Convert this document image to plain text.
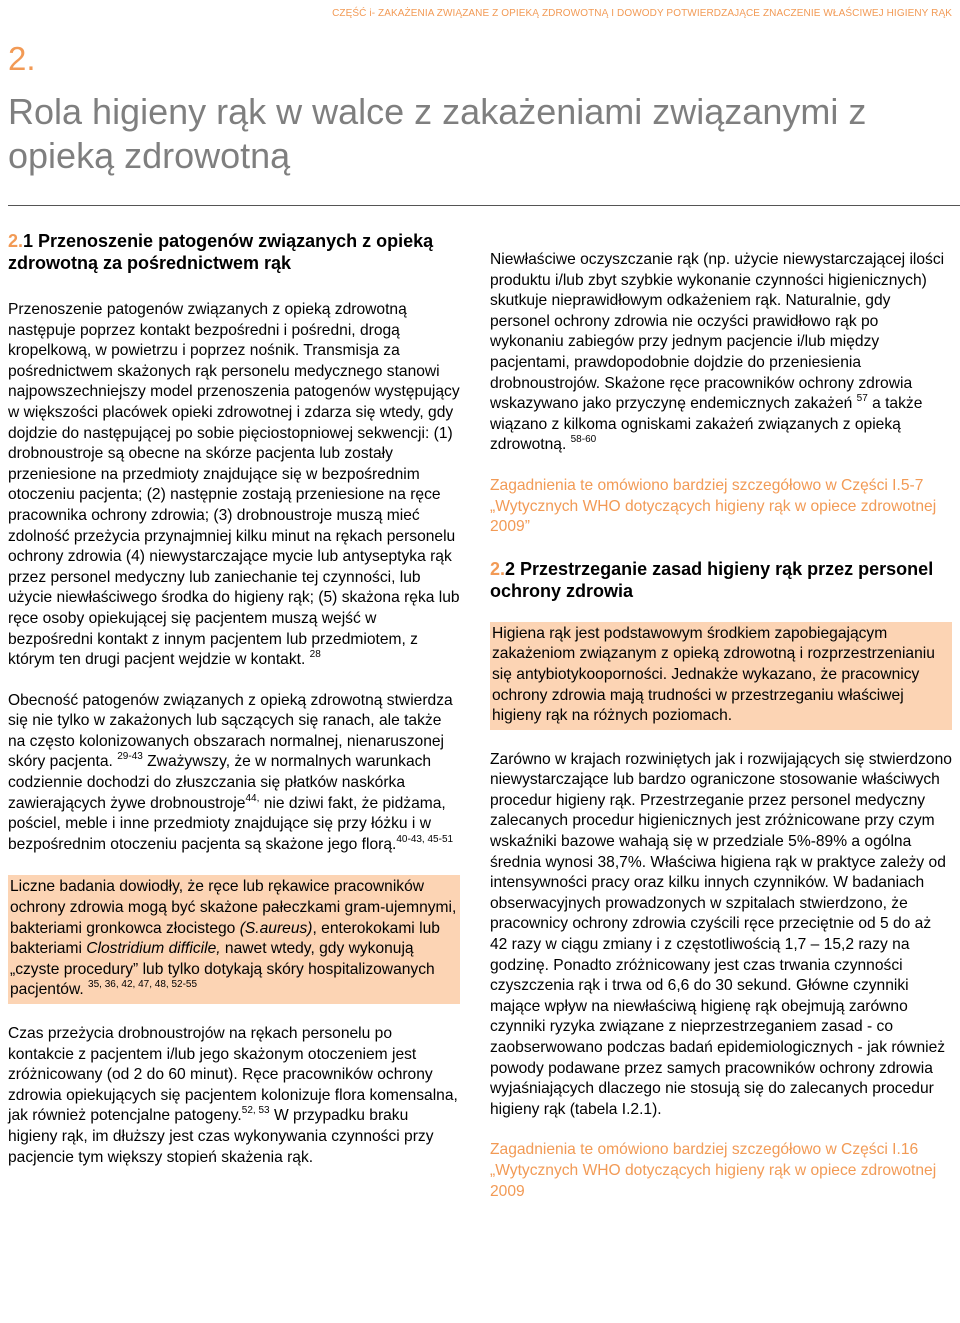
CZĘŚĆ i- ZAKAŻENIA ZWIĄZANE Z OPIEKĄ ZDROWOTNĄ I DOWODY POTWIERDZAJĄCE ZNACZENIE WŁAŚCIWEJ HIGIENY RĄK
2.
Rola higieny rąk w walce z zakażeniami związanymi z opieką zdrowotną
2.1 Przenoszenie patogenów związanych z opieką zdrowotną za pośrednictwem rąk

Przenoszenie patogenów związanych z opieką zdrowotną następuje poprzez kontakt bezpośredni i pośredni, drogą kropelkową, w powietrzu i poprzez nośnik. Transmisja za pośrednictwem skażonych rąk personelu medycznego stanowi najpowszechniejszy model przenoszenia patogenów występujący w większości placówek opieki zdrowotnej i zdarza się wtedy, gdy dojdzie do następującej po sobie pięciostopniowej sekwencji: (1) drobnoustroje są obecne na skórze pacjenta lub zostały przeniesione na przedmioty znajdujące się w bezpośrednim otoczeniu pacjenta; (2) następnie zostają przeniesione na ręce pracownika ochrony zdrowia; (3) drobnoustroje muszą mieć zdolność przeżycia przynajmniej kilku minut na rękach personelu ochrony zdrowia (4) niewystarczające mycie lub antyseptyka rąk przez personel medyczny lub zaniechanie tej czynności, lub użycie niewłaściwego środka do higieny rąk; (5) skażona ręka lub ręce osoby opiekującej się pacjentem muszą wejść w bezpośredni kontakt z innym pacjentem lub przedmiotem, z którym ten drugi pacjent wejdzie w kontakt. $^{28}$

Obecność patogenów związanych z opieką zdrowotną stwierdza się nie tylko w zakażonych lub sączących się ranach, ale także na często kolonizowanych obszarach normalnej, nienaruszonej skóry pacjenta. $^{29-43}$ Zważywszy, że w normalnych warunkach codziennie dochodzi do złuszczania się płatków naskórka zawierających żywe drobnoustroje$^{44,}$ nie dziwi fakt, że pidżama, pościel, meble i inne przedmioty znajdujące się przy łóżku i w bezpośrednim otoczeniu pacjenta są skażone jego florą.$^{40-43, 45-51}$

Liczne badania dowiodły, że ręce lub rękawice pracowników ochrony zdrowia mogą być skażone pałeczkami gram-ujemnymi, bakteriami gronkowca złocistego (S.aureus), enterokokami lub bakteriami Clostridium difficile, nawet wtedy, gdy wykonują „czyste procedury” lub tylko dotykają skóry hospitalizowanych pacjentów. $^{35, 36, 42, 47, 48, 52-55}$

Czas przeżycia drobnoustrojów na rękach personelu po kontakcie z pacjentem i/lub jego skażonym otoczeniem jest zróżnicowany (od 2 do 60 minut). Ręce pracowników ochrony zdrowia opiekujących się pacjentem kolonizuje flora komensalna, jak również potencjalne patogeny.$^{52, 53}$ W przypadku braku higieny rąk, im dłuższy jest czas wykonywania czynności przy pacjencie tym większy stopień skażenia rąk.

Niewłaściwe oczyszczanie rąk (np. użycie niewystarczającej ilości produktu i/lub zbyt szybkie wykonanie czynności higienicznych) skutkuje nieprawidłowym odkażeniem rąk. Naturalnie, gdy personel ochrony zdrowia nie oczyści prawidłowo rąk po wykonaniu zabiegów przy jednym pacjencie i/lub między pacjentami, prawdopodobnie dojdzie do przeniesienia drobnoustrojów. Skażone ręce pracowników ochrony zdrowia wskazywano jako przyczynę endemicznych zakażeń $^{57}$ a także wiązano z kilkoma ogniskami zakażeń związanych z opieką zdrowotną. $^{58-60}$

Zagadnienia te omówiono bardziej szczegółowo w Części I.5-7 „Wytycznych WHO dotyczących higieny rąk w opiece zdrowotnej 2009”

2.2 Przestrzeganie zasad higieny rąk przez personel ochrony zdrowia

Higiena rąk jest podstawowym środkiem zapobiegającym zakażeniom związanym z opieką zdrowotną i rozprzestrzenianiu się antybiotykooporności. Jednakże wykazano, że pracownicy ochrony zdrowia mają trudności w przestrzeganiu właściwej higieny rąk na różnych poziomach.

Zarówno w krajach rozwiniętych jak i rozwijających się stwierdzono niewystarczające lub bardzo ograniczone stosowanie właściwych procedur higieny rąk. Przestrzeganie przez personel medyczny zalecanych procedur higienicznych jest zróżnicowane przy czym wskaźniki bazowe wahają się w przedziale 5%-89% a ogólna średnia wynosi 38,7%. Właściwa higiena rąk w praktyce zależy od intensywności pracy oraz kilku innych czynników. W badaniach obserwacyjnych prowadzonych w szpitalach stwierdzono, że pracownicy ochrony zdrowia czyścili ręce przeciętnie od 5 do aż 42 razy w ciągu zmiany i z częstotliwością 1,7 – 15,2 razy na godzinę. Ponadto zróżnicowany jest czas trwania czynności czyszczenia rąk i trwa od 6,6 do 30 sekund. Główne czynniki mające wpływ na niewłaściwą higienę rąk obejmują zarówno czynniki ryzyka związane z nieprzestrzeganiem zasad - co zaobserwowano podczas badań epidemiologicznych - jak również powody podawane przez samych pracowników ochrony zdrowia wyjaśniających dlaczego nie stosują się do zalecanych procedur higieny rąk (tabela I.2.1).

Zagadnienia te omówiono bardziej szczegółowo w Części I.16 „Wytycznych WHO dotyczących higieny rąk w opiece zdrowotnej 2009
